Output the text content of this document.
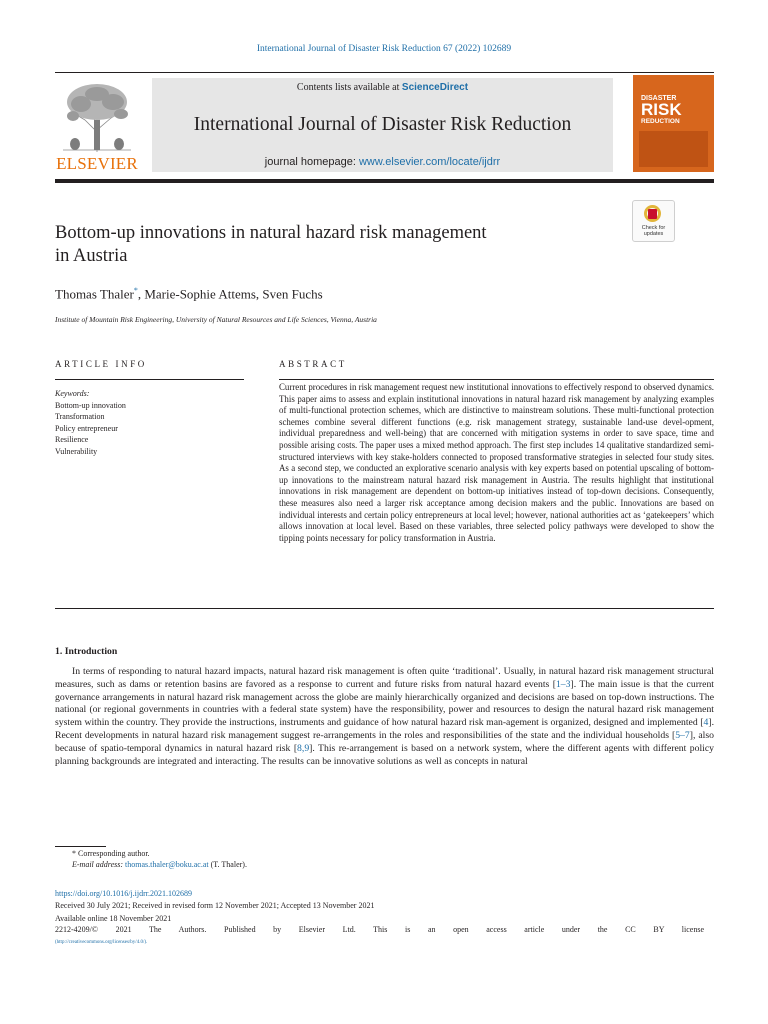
International Journal of Disaster Risk Reduction 67 (2022) 102689
ELSEVIER
Contents lists available at ScienceDirect
International Journal of Disaster Risk Reduction
journal homepage: www.elsevier.com/locate/ijdrr
DISASTER
RISK
REDUCTION
Bottom-up innovations in natural hazard risk management
in Austria
Check for updates
Thomas Thaler*, Marie-Sophie Attems, Sven Fuchs
Institute of Mountain Risk Engineering, University of Natural Resources and Life Sciences, Vienna, Austria
ARTICLE INFO	ABSTRACT
Keywords:
Bottom-up innovation
Transformation
Policy entrepreneur
Resilience
Vulnerability
Current procedures in risk management request new institutional innovations to effectively respond to observed dynamics. This paper aims to assess and explain institutional innovations in natural hazard risk management by analyzing examples of multi-functional protection schemes, which are distinctive to mainstream solutions. These multi-functional protection schemes combine several different functions (e.g. risk management strategy, sustainable land-use devel-opment, individual preparedness and well-being) that are concerned with mitigation systems in order to save space, time and possible arising costs. The paper uses a mixed method approach. The first step includes 14 qualitative standardized semi-structured interviews with key stake-holders connected to proposed transformative strategies in selected four study sites. As a second step, we conducted an explorative scenario analysis with key experts based on potential upscaling of bottom-up innovations to the mainstream natural hazard risk management in Austria. The results highlight that institutional innovations in risk management are dependent on bottom-up initiatives instead of top-down decisions. Consequently, these measures also need a larger risk acceptance among decision makers and the public. Innovations are based on individual interests and certain policy entrepreneurs at local level; however, national authorities act as ‘gatekeepers’ which allows innovation at local level. Based on these variables, three selected policy pathways were developed to show the tipping points necessary for policy transformation in Austria.
1. Introduction

In terms of responding to natural hazard impacts, natural hazard risk management is often quite ‘traditional’. Usually, in natural hazard risk management structural measures, such as dams or retention basins are favored as a response to current and future risks from natural hazard events [1–3]. The main issue is that the current governance arrangements in natural hazard risk management across the globe are mainly hierarchically organized and decisions are based on top-down instructions. The national (or regional governments in countries with a federal state system) have the responsibility, power and resources to design the natural hazard risk management system within the country. They provide the instructions, instruments and guidance of how natural hazard risk man-agement is organized, designed and implemented [4]. Recent developments in natural hazard risk management suggest re-arrangements in the roles and responsibilities of the state and the individual households [5–7], also because of spatio-temporal dynamics in natural hazard risk [8,9]. This re-arrangement is based on a network system, where the different agents with different policy planning backgrounds are integrated and interacting. The results can be innovative solutions as well as concepts in natural

* Corresponding author.
E-mail address: thomas.thaler@boku.ac.at (T. Thaler).
https://doi.org/10.1016/j.ijdrr.2021.102689
Received 30 July 2021; Received in revised form 12 November 2021; Accepted 13 November 2021
Available online 18 November 2021
2212-4209/© 2021 The Authors. Published by Elsevier Ltd. This is an open access article under the CC BY license
(http://creativecommons.org/licenses/by/4.0/).
